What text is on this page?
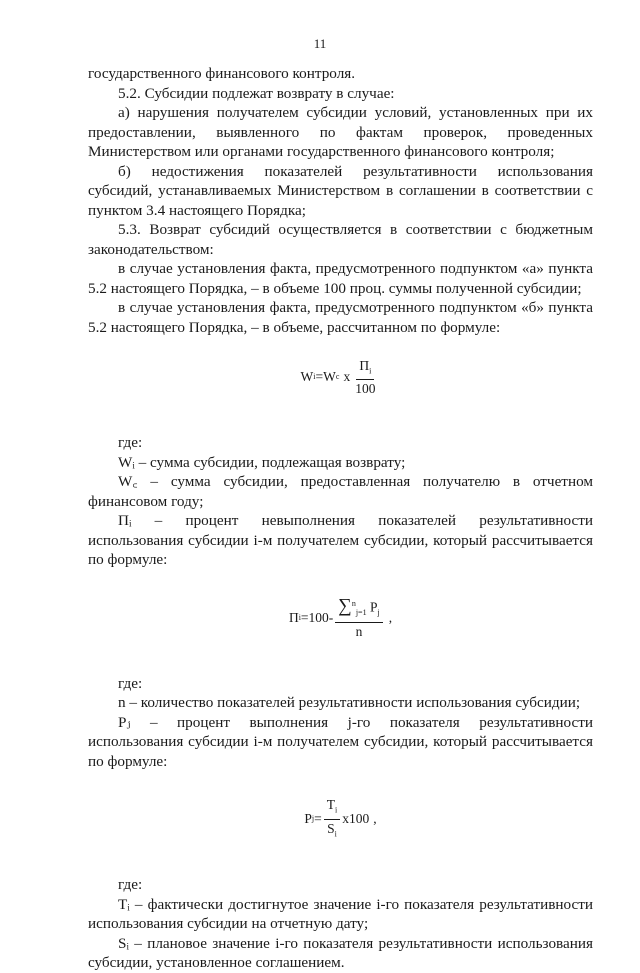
11

государственного финансового контроля.

5.2. Субсидии подлежат возврату в случае:

а) нарушения получателем субсидии условий, установленных при их предоставлении, выявленного по фактам проверок, проведенных Министерством или органами государственного финансового контроля;

б) недостижения показателей результативности использования субсидий, устанавливаемых Министерством в соглашении в соответствии с пунктом 3.4 настоящего Порядка;

5.3. Возврат субсидий осуществляется в соответствии с бюджетным законодательством:

в случае установления факта, предусмотренного подпунктом «а» пункта 5.2 настоящего Порядка, – в объеме 100 проц. суммы полученной субсидии;

в случае установления факта, предусмотренного подпунктом «б» пункта 5.2 настоящего Порядка, – в объеме, рассчитанном по формуле:

W i = W c x $\frac{П_i}{100}$

где:

Wᵢ – сумма субсидии, подлежащая возврату;

W꜀ – сумма субсидии, предоставленная получателю в отчетном финансовом году;

Пᵢ – процент невыполнения показателей результативности использования субсидии i-м получателем субсидии, который рассчитывается по формуле:

П $i =100- \frac{\sum^n_{j=1} P_j}{n}$ ,

где:

n – количество показателей результативности использования субсидии;

Pⱼ – процент выполнения j-го показателя результативности использования субсидии i-м получателем субсидии, который рассчитывается по формуле:

P $j = \frac{T_i}{S_i} x100$ ,

где:

Tᵢ – фактически достигнутое значение i-го показателя результативности использования субсидии на отчетную дату;

Sᵢ – плановое значение i-го показателя результативности использования субсидии, установленное соглашением.
